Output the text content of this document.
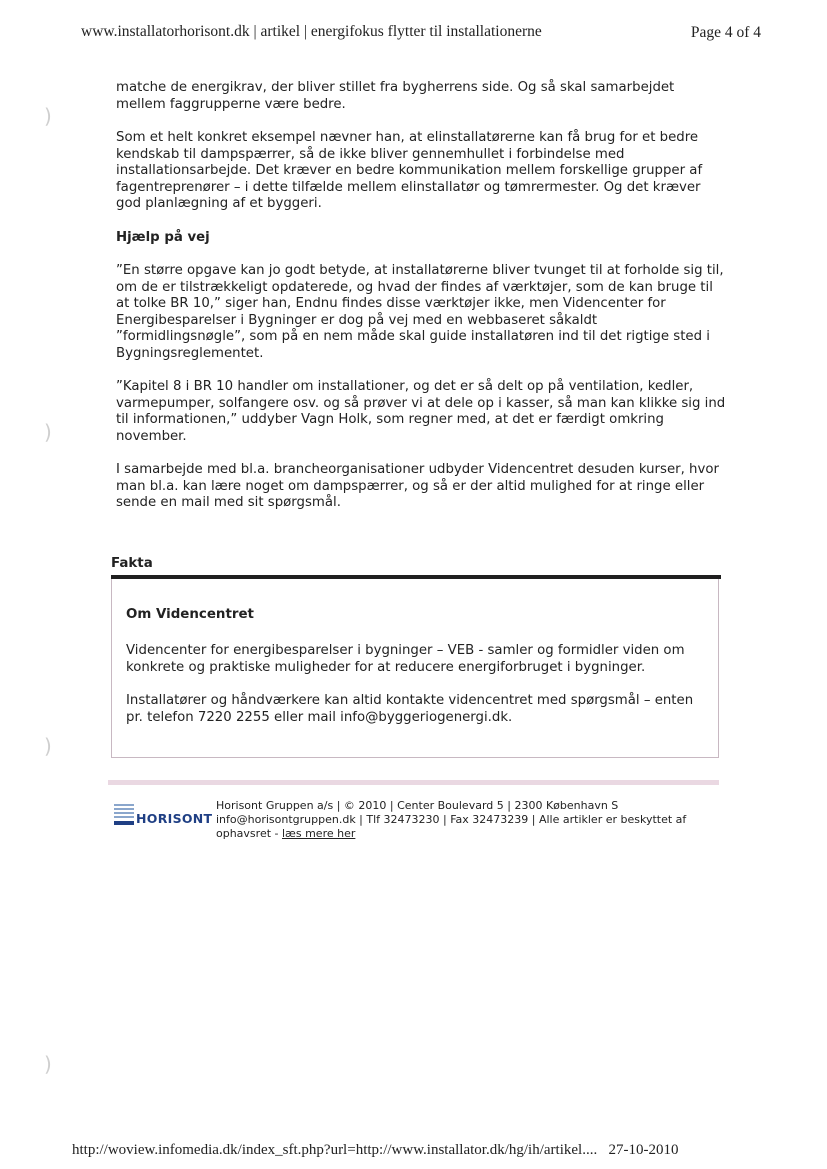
www.installatorhorisont.dk | artikel | energifokus flytter til installationerne	Page 4 of 4

matche de energikrav, der bliver stillet fra bygherrens side. Og så skal samarbejdet mellem faggrupperne være bedre.

Som et helt konkret eksempel nævner han, at elinstallatørerne kan få brug for et bedre kendskab til dampspærrer, så de ikke bliver gennemhullet i forbindelse med installationsarbejde. Det kræver en bedre kommunikation mellem forskellige grupper af fagentreprenører – i dette tilfælde mellem elinstallatør og tømrermester. Og det kræver god planlægning af et byggeri.

Hjælp på vej

”En større opgave kan jo godt betyde, at installatørerne bliver tvunget til at forholde sig til, om de er tilstrækkeligt opdaterede, og hvad der findes af værktøjer, som de kan bruge til at tolke BR 10,” siger han, Endnu findes disse værktøjer ikke, men Videncenter for Energibesparelser i Bygninger er dog på vej med en webbaseret såkaldt ”formidlingsnøgle”, som på en nem måde skal guide installatøren ind til det rigtige sted i Bygningsreglementet.

”Kapitel 8 i BR 10 handler om installationer, og det er så delt op på ventilation, kedler, varmepumper, solfangere osv. og så prøver vi at dele op i kasser, så man kan klikke sig ind til informationen,” uddyber Vagn Holk, som regner med, at det er færdigt omkring november.

I samarbejde med bl.a. brancheorganisationer udbyder Videncentret desuden kurser, hvor man bl.a. kan lære noget om dampspærrer, og så er der altid mulighed for at ringe eller sende en mail med sit spørgsmål.

Fakta
Om Videncentret

Videncenter for energibesparelser i bygninger – VEB - samler og formidler viden om konkrete og praktiske muligheder for at reducere energiforbruget i bygninger.

Installatører og håndværkere kan altid kontakte videncentret med spørgsmål – enten pr. telefon 7220 2255 eller mail info@byggeriogenergi.dk.

HORISONT
Horisont Gruppen a/s | © 2010 | Center Boulevard 5 | 2300 København S
info@horisontgruppen.dk | Tlf 32473230 | Fax 32473239 | Alle artikler er beskyttet af ophavsret - læs mere her
)
)
)
)
http://woview.infomedia.dk/index_sft.php?url=http://www.installator.dk/hg/ih/artikel.... 27-10-2010
